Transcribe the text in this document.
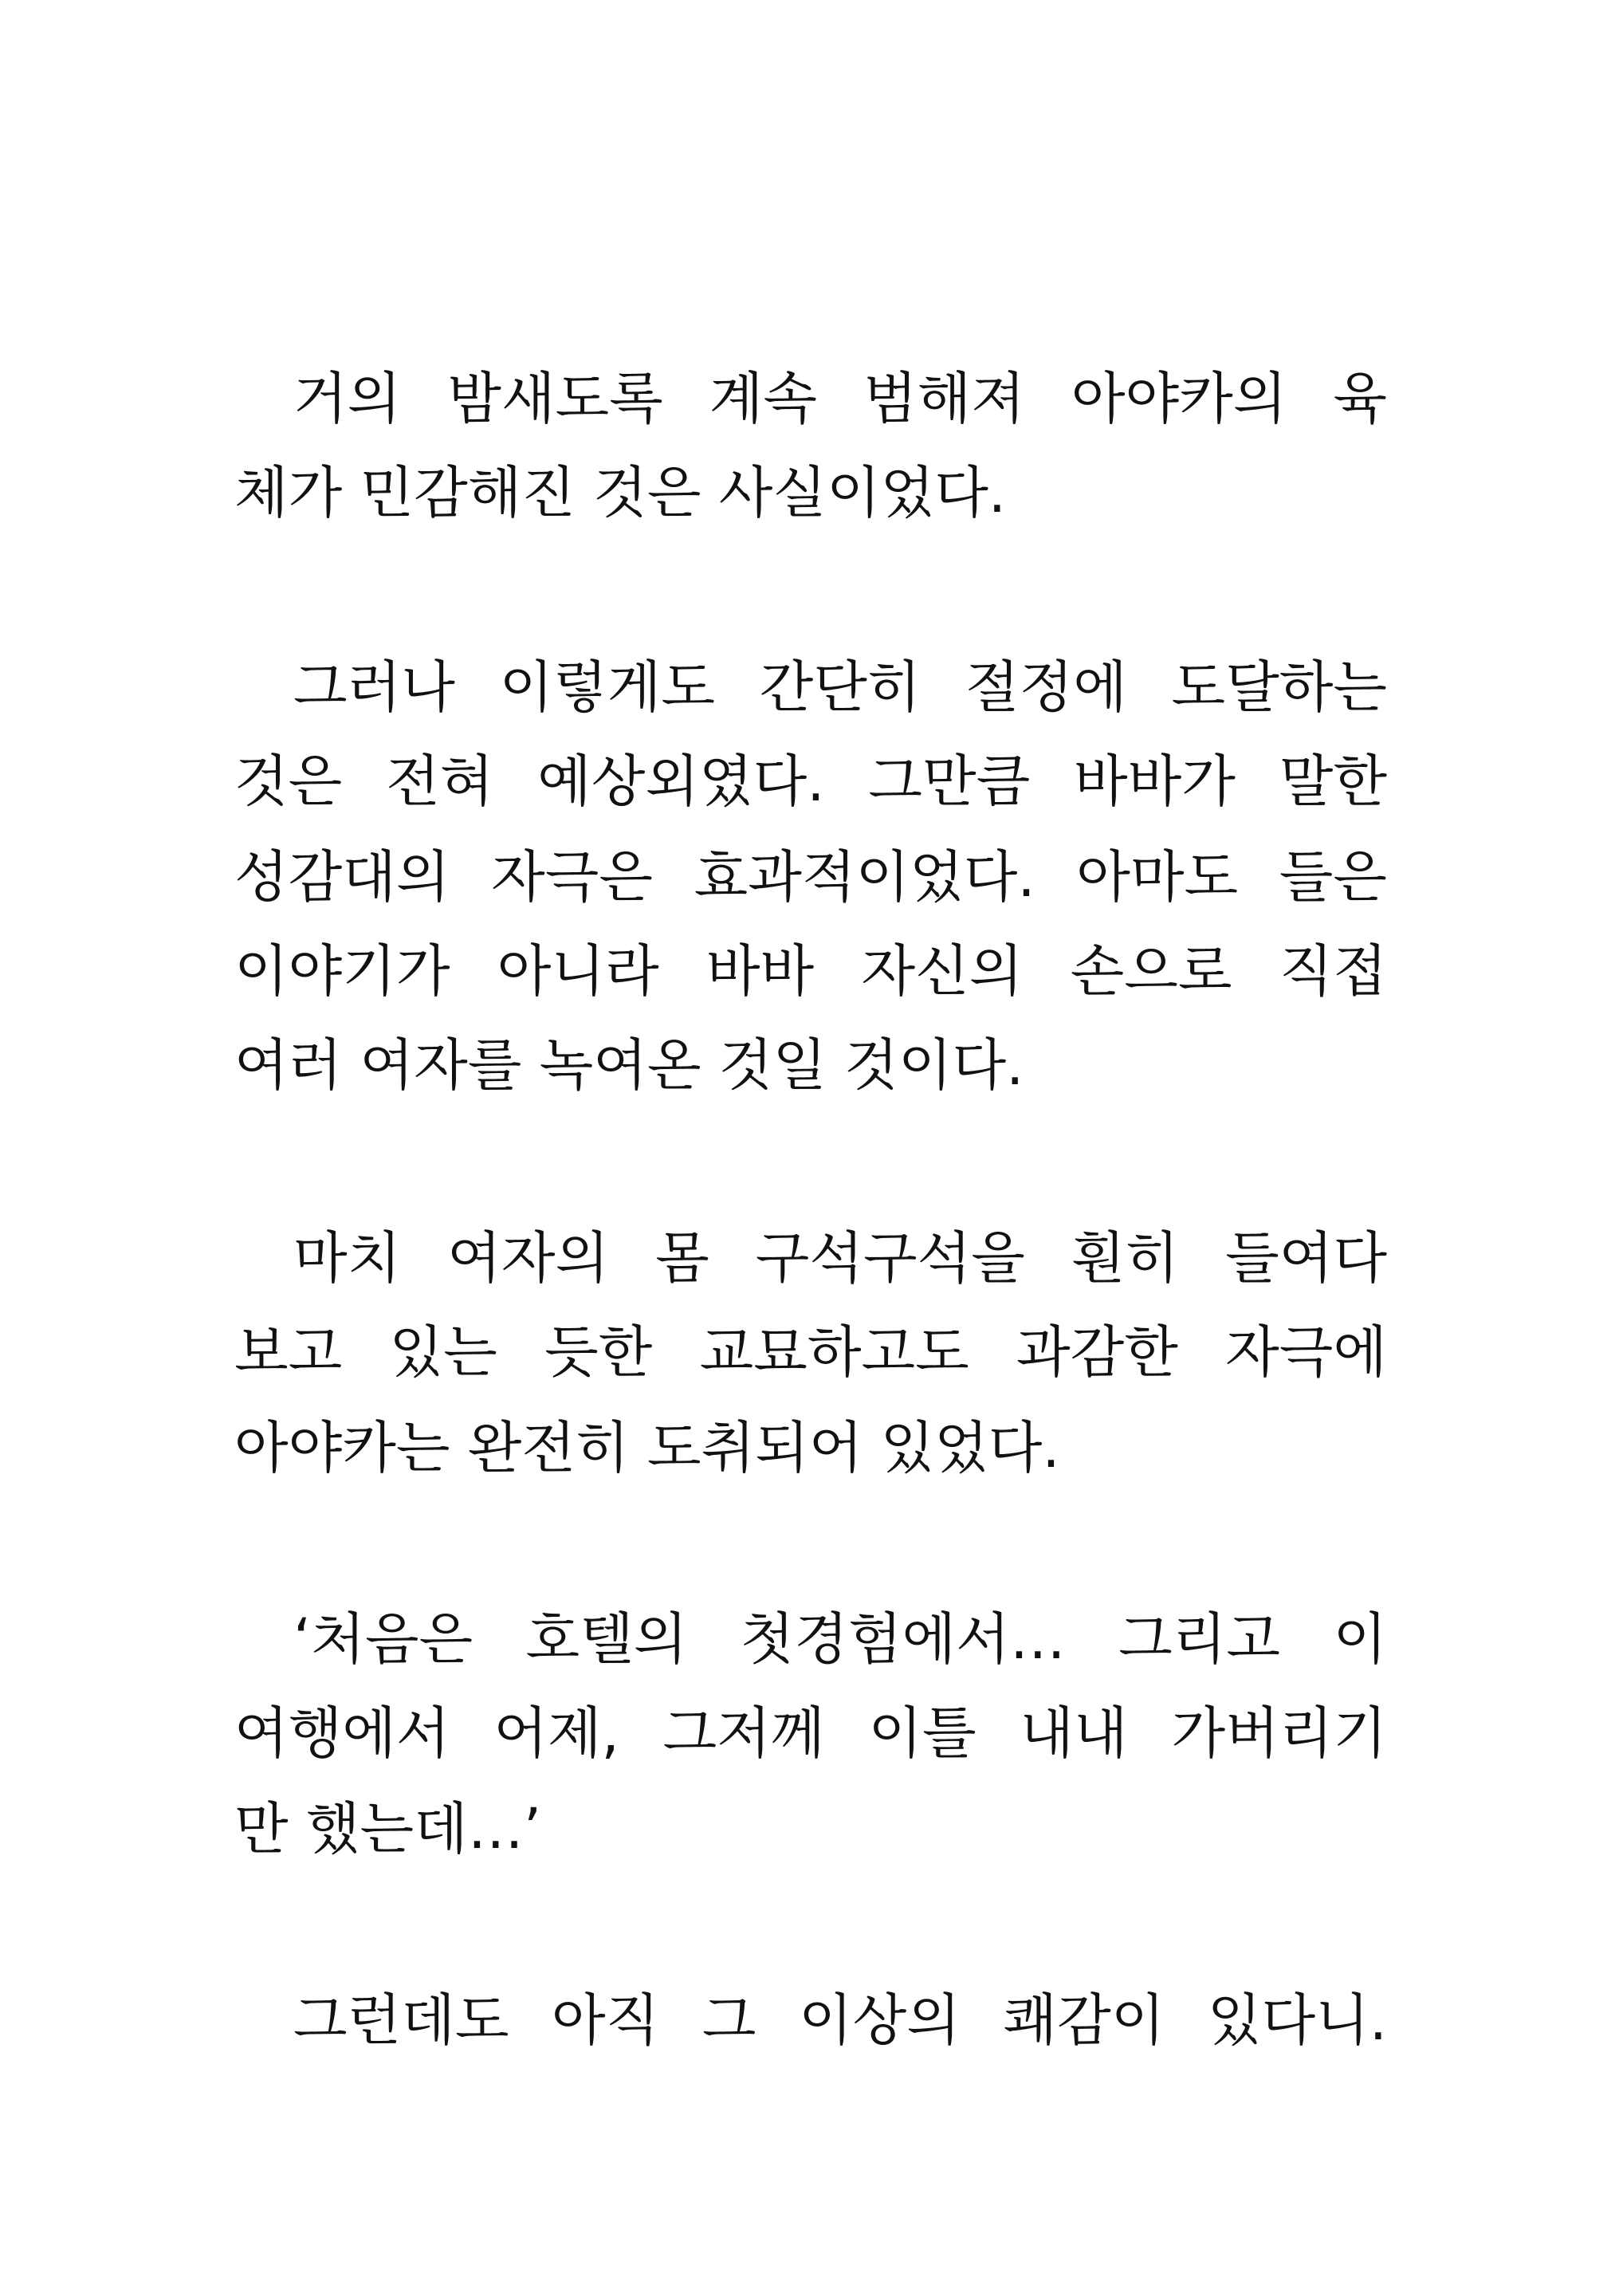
거의 밤새도록 계속 범해져 아야카의 육
체가 민감해진 것은 사실이었다.
그러나 이렇게도 간단히 절정에 도달하는
것은 전혀 예상외였다. 그만큼 바바가 말한
성감대의 자극은 효과적이었다. 아마도 들은
이야기가 아니라 바바 자신의 손으로 직접
여러 여자를 녹여온 것일 것이다.
마치 여자의 몸 구석구석을 훤히 들여다
보고 있는 듯한 교묘하고도 과감한 자극에
아야카는 완전히 도취되어 있었다.
‘처음은 호텔의 첫경험에서… 그리고 이
여행에서 어제, 그저께 이틀 내내 가버리기
만 했는데…’
그런데도 아직 그 이상의 쾌감이 있다니.
